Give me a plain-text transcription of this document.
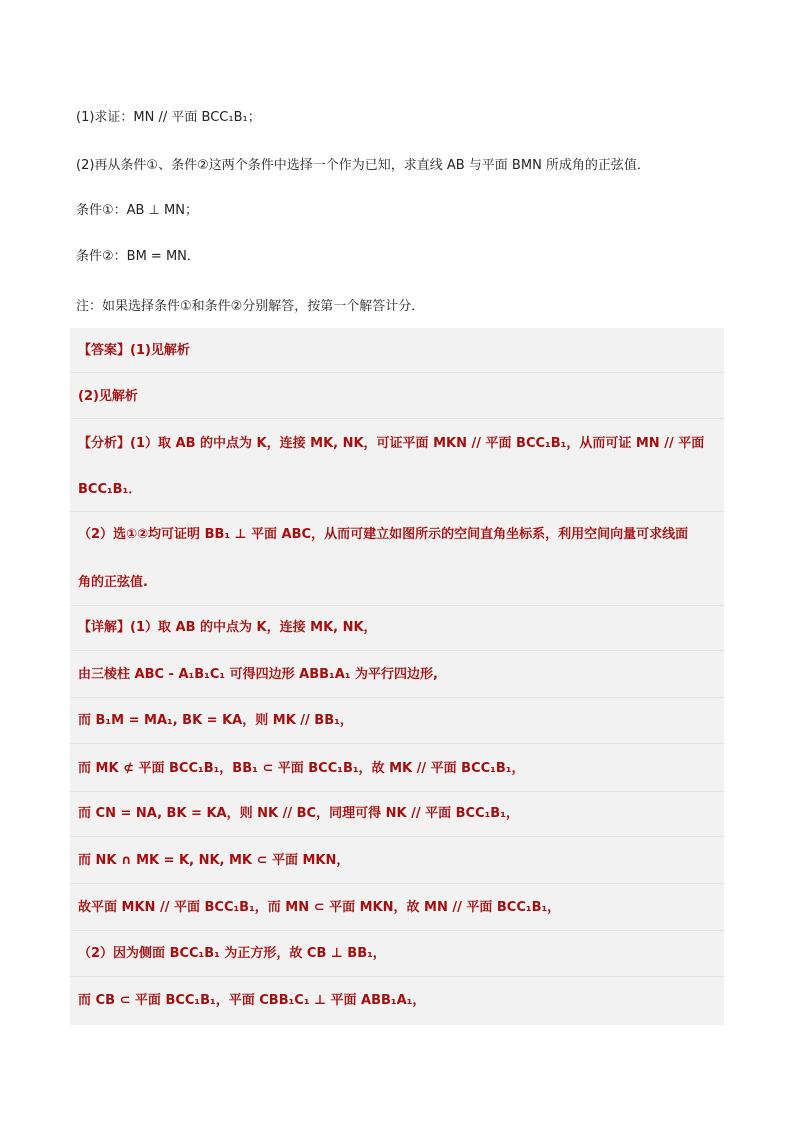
(1)求证：MN // 平面 BCC₁B₁；
(2)再从条件①、条件②这两个条件中选择一个作为已知，求直线 AB 与平面 BMN 所成角的正弦值．
条件①：AB ⊥ MN；
条件②：BM = MN．
注：如果选择条件①和条件②分别解答，按第一个解答计分．
【答案】(1)见解析
(2)见解析
【分析】(1）取 AB 的中点为 K，连接 MK, NK，可证平面 MKN // 平面 BCC₁B₁，从而可证 MN // 平面
BCC₁B₁．
（2）选①②均可证明 BB₁ ⊥ 平面 ABC，从而可建立如图所示的空间直角坐标系，利用空间向量可求线面
角的正弦值.
【详解】(1）取 AB 的中点为 K，连接 MK, NK，
由三棱柱 ABC - A₁B₁C₁ 可得四边形 ABB₁A₁ 为平行四边形,
而 B₁M = MA₁, BK = KA，则 MK // BB₁，
而 MK ⊄ 平面 BCC₁B₁，BB₁ ⊂ 平面 BCC₁B₁，故 MK // 平面 BCC₁B₁，
而 CN = NA, BK = KA，则 NK // BC，同理可得 NK // 平面 BCC₁B₁，
而 NK ∩ MK = K, NK, MK ⊂ 平面 MKN，
故平面 MKN // 平面 BCC₁B₁，而 MN ⊂ 平面 MKN，故 MN // 平面 BCC₁B₁，
（2）因为侧面 BCC₁B₁ 为正方形，故 CB ⊥ BB₁，
而 CB ⊂ 平面 BCC₁B₁，平面 CBB₁C₁ ⊥ 平面 ABB₁A₁，
